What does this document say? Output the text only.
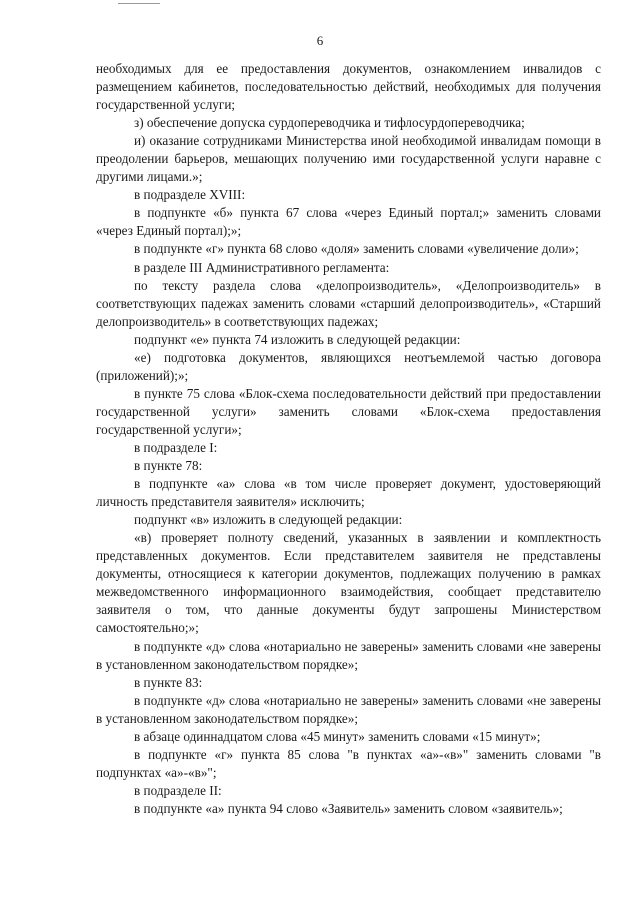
6

необходимых для ее предоставления документов, ознакомлением инвалидов с размещением кабинетов, последовательностью действий, необходимых для получения государственной услуги;

з) обеспечение допуска сурдопереводчика и тифлосурдопереводчика;

и) оказание сотрудниками Министерства иной необходимой инвалидам помощи в преодолении барьеров, мешающих получению ими государственной услуги наравне с другими лицами.»;

в подразделе XVIII:

в подпункте «б» пункта 67 слова «через Единый портал;» заменить словами «через Единый портал);»;

в подпункте «г» пункта 68 слово «доля» заменить словами «увеличение доли»;

в разделе III Административного регламента:

по тексту раздела слова «делопроизводитель», «Делопроизводитель» в соответствующих падежах заменить словами «старший делопроизводитель», «Старший делопроизводитель» в соответствующих падежах;

подпункт «е» пункта 74 изложить в следующей редакции:

«е) подготовка документов, являющихся неотъемлемой частью договора (приложений);»;

в пункте 75 слова «Блок-схема последовательности действий при предоставлении государственной услуги» заменить словами «Блок-схема предоставления государственной услуги»;

в подразделе I:

в пункте 78:

в подпункте «а» слова «в том числе проверяет документ, удостоверяющий личность представителя заявителя» исключить;

подпункт «в» изложить в следующей редакции:

«в) проверяет полноту сведений, указанных в заявлении и комплектность представленных документов. Если представителем заявителя не представлены документы, относящиеся к категории документов, подлежащих получению в рамках межведомственного информационного взаимодействия, сообщает представителю заявителя о том, что данные документы будут запрошены Министерством самостоятельно;»;

в подпункте «д» слова «нотариально не заверены» заменить словами «не заверены в установленном законодательством порядке»;

в пункте 83:

в подпункте «д» слова «нотариально не заверены» заменить словами «не заверены в установленном законодательством порядке»;

в абзаце одиннадцатом слова «45 минут» заменить словами «15 минут»;

в подпункте «г» пункта 85 слова "в пунктах «а»-«в»" заменить словами "в подпунктах «а»-«в»";

в подразделе II:

в подпункте «а» пункта 94 слово «Заявитель» заменить словом «заявитель»;
